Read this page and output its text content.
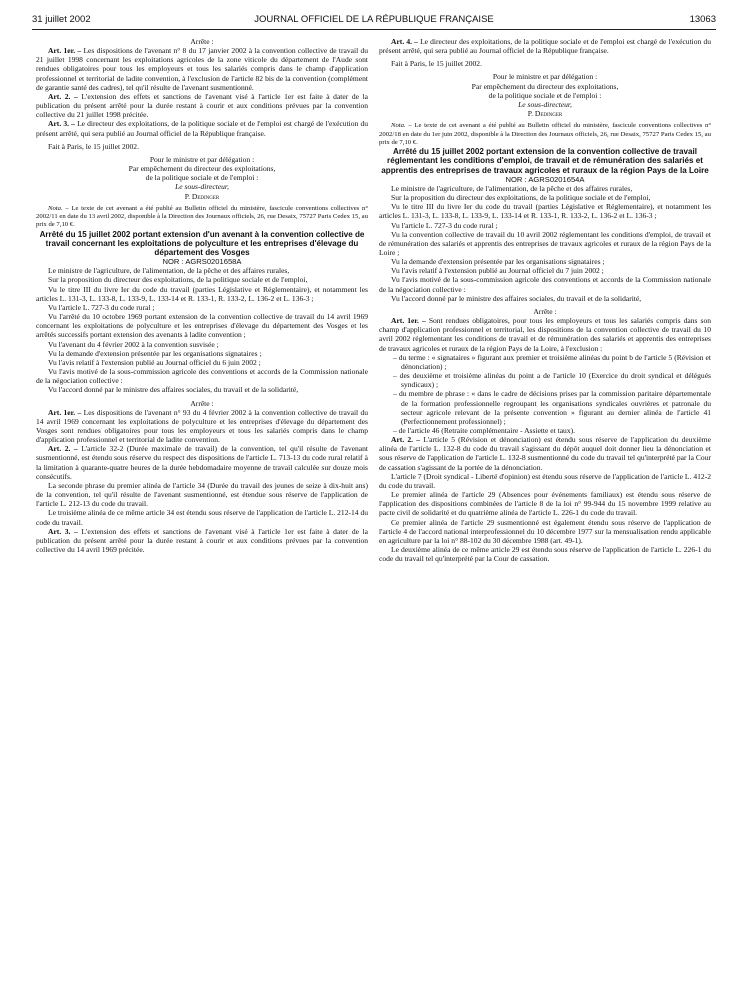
31 juillet 2002	JOURNAL OFFICIEL DE LA RÉPUBLIQUE FRANÇAISE	13063

Arrête :

Art. 1er. – Les dispositions de l'avenant n° 8 du 17 janvier 2002 à la convention collective de travail du 21 juillet 1998 concernant les exploitations agricoles de la zone viticole du département de l'Aude sont rendues obligatoires pour tous les employeurs et tous les salariés compris dans le champ d'application professionnel et territorial de ladite convention, à l'exclusion de l'article 82 bis de la convention (complément de garantie santé des cadres), tel qu'il résulte de l'avenant susmentionné.

Art. 2. – L'extension des effets et sanctions de l'avenant visé à l'article 1er est faite à dater de la publication du présent arrêté pour la durée restant à courir et aux conditions prévues par la convention collective du 21 juillet 1998 précitée.

Art. 3. – Le directeur des exploitations, de la politique sociale et de l'emploi est chargé de l'exécution du présent arrêté, qui sera publié au Journal officiel de la République française.

Fait à Paris, le 15 juillet 2002.

Pour le ministre et par délégation :

Par empêchement du directeur des exploitations,

de la politique sociale et de l'emploi :

Le sous-directeur,

P. Dedinger

Nota. – Le texte de cet avenant a été publié au Bulletin officiel du ministère, fascicule conventions collectives n° 2002/11 en date du 13 avril 2002, disponible à la Direction des Journaux officiels, 26, rue Desaix, 75727 Paris Cedex 15, au prix de 7,10 €.

Arrêté du 15 juillet 2002 portant extension d'un avenant à la convention collective de travail concernant les exploitations de polyculture et les entreprises d'élevage du département des Vosges

NOR : AGRS0201658A

Le ministre de l'agriculture, de l'alimentation, de la pêche et des affaires rurales,

Sur la proposition du directeur des exploitations, de la politique sociale et de l'emploi,

Vu le titre III du livre Ier du code du travail (parties Législative et Réglementaire), et notamment les articles L. 131-3, L. 133-8, L. 133-9, L. 133-14 et R. 133-1, R. 133-2, L. 136-2 et L. 136-3 ;

Vu l'article L. 727-3 du code rural ;

Vu l'arrêté du 10 octobre 1969 portant extension de la convention collective de travail du 14 avril 1969 concernant les exploitations de polyculture et les entreprises d'élevage du département des Vosges et les arrêtés successifs portant extension des avenants à ladite convention ;

Vu l'avenant du 4 février 2002 à la convention susvisée ;

Vu la demande d'extension présentée par les organisations signataires ;

Vu l'avis relatif à l'extension publié au Journal officiel du 6 juin 2002 ;

Vu l'avis motivé de la sous-commission agricole des conventions et accords de la Commission nationale de la négociation collective :

Vu l'accord donné par le ministre des affaires sociales, du travail et de la solidarité,

Arrête :

Art. 1er. – Les dispositions de l'avenant n° 93 du 4 février 2002 à la convention collective de travail du 14 avril 1969 concernant les exploitations de polyculture et les entreprises d'élevage du département des Vosges sont rendues obligatoires pour tous les employeurs et tous les salariés compris dans le champ d'application professionnel et territorial de ladite convention.

Art. 2. – L'article 32-2 (Durée maximale de travail) de la convention, tel qu'il résulte de l'avenant susmentionné, est étendu sous réserve du respect des dispositions de l'article L. 713-13 du code rural relatif à la limitation à quarante-quatre heures de la durée hebdomadaire moyenne de travail calculée sur douze mois consécutifs.

La seconde phrase du premier alinéa de l'article 34 (Durée du travail des jeunes de seize à dix-huit ans) de la convention, tel qu'il résulte de l'avenant susmentionné, est étendue sous réserve de l'application de l'article L. 212-13 du code du travail.

Le troisième alinéa de ce même article 34 est étendu sous réserve de l'application de l'article L. 212-14 du code du travail.

Art. 3. – L'extension des effets et sanctions de l'avenant visé à l'article 1er est faite à dater de la publication du présent arrêté pour la durée restant à courir et aux conditions prévues par la convention collective du 14 avril 1969 précitée.

Art. 4. – Le directeur des exploitations, de la politique sociale et de l'emploi est chargé de l'exécution du présent arrêté, qui sera publié au Journal officiel de la République française.

Fait à Paris, le 15 juillet 2002.

Pour le ministre et par délégation :

Par empêchement du directeur des exploitations,

de la politique sociale et de l'emploi :

Le sous-directeur,

P. Dedinger

Nota. – Le texte de cet avenant a été publié au Bulletin officiel du ministère, fascicule conventions collectives n° 2002/18 en date du 1er juin 2002, disponible à la Direction des Journaux officiels, 26, rue Desaix, 75727 Paris Cedex 15, au prix de 7,10 €.

Arrêté du 15 juillet 2002 portant extension de la convention collective de travail réglementant les conditions d'emploi, de travail et de rémunération des salariés et apprentis des entreprises de travaux agricoles et ruraux de la région Pays de la Loire

NOR : AGRS0201654A

Le ministre de l'agriculture, de l'alimentation, de la pêche et des affaires rurales,

Sur la proposition du directeur des exploitations, de la politique sociale et de l'emploi,

Vu le titre III du livre Ier du code du travail (parties Législative et Réglementaire), et notamment les articles L. 131-3, L. 133-8, L. 133-9, L. 133-14 et R. 133-1, R. 133-2, L. 136-2 et L. 136-3 ;

Vu l'article L. 727-3 du code rural ;

Vu la convention collective de travail du 10 avril 2002 réglementant les conditions d'emploi, de travail et de rémunération des salariés et apprentis des entreprises de travaux agricoles et ruraux de la région Pays de la Loire ;

Vu la demande d'extension présentée par les organisations signataires ;

Vu l'avis relatif à l'extension publié au Journal officiel du 7 juin 2002 ;

Vu l'avis motivé de la sous-commission agricole des conventions et accords de la Commission nationale de la négociation collective :

Vu l'accord donné par le ministre des affaires sociales, du travail et de la solidarité,

Arrête :

Art. 1er. – Sont rendues obligatoires, pour tous les employeurs et tous les salariés compris dans son champ d'application professionnel et territorial, les dispositions de la convention collective de travail du 10 avril 2002 réglementant les conditions de travail et de rémunération des salariés et apprentis des entreprises de travaux agricoles et ruraux de la région Pays de la Loire, à l'exclusion :

– du terme : « signataires » figurant aux premier et troisième alinéas du point b de l'article 5 (Révision et dénonciation) ;

– des deuxième et troisième alinéas du point a de l'article 10 (Exercice du droit syndical et délégués syndicaux) ;

– du membre de phrase : « dans le cadre de décisions prises par la commission paritaire départementale de la formation professionnelle regroupant les organisations syndicales ouvrières et patronale du secteur agricole relevant de la présente convention » figurant au dernier alinéa de l'article 41 (Perfectionnement professionnel) ;

– de l'article 46 (Retraite complémentaire - Assiette et taux).

Art. 2. – L'article 5 (Révision et dénonciation) est étendu sous réserve de l'application du deuxième alinéa de l'article L. 132-8 du code du travail s'agissant du dépôt auquel doit donner lieu la dénonciation et sous réserve de l'application de l'article L. 132-8 susmentionné du code du travail tel qu'interprété par la Cour de cassation s'agissant de la portée de la dénonciation.

L'article 7 (Droit syndical - Liberté d'opinion) est étendu sous réserve de l'application de l'article L. 412-2 du code du travail.

Le premier alinéa de l'article 29 (Absences pour événements familiaux) est étendu sous réserve de l'application des dispositions combinées de l'article 8 de la loi n° 99-944 du 15 novembre 1999 relative au pacte civil de solidarité et du quatrième alinéa de l'article L. 226-1 du code du travail.

Ce premier alinéa de l'article 29 susmentionné est également étendu sous réserve de l'application de l'article 4 de l'accord national interprofessionnel du 10 décembre 1977 sur la mensualisation rendu applicable en agriculture par la loi n° 88-102 du 30 décembre 1988 (art. 49-1).

Le deuxième alinéa de ce même article 29 est étendu sous réserve de l'application de l'article L. 226-1 du code du travail tel qu'interprété par la Cour de cassation.
